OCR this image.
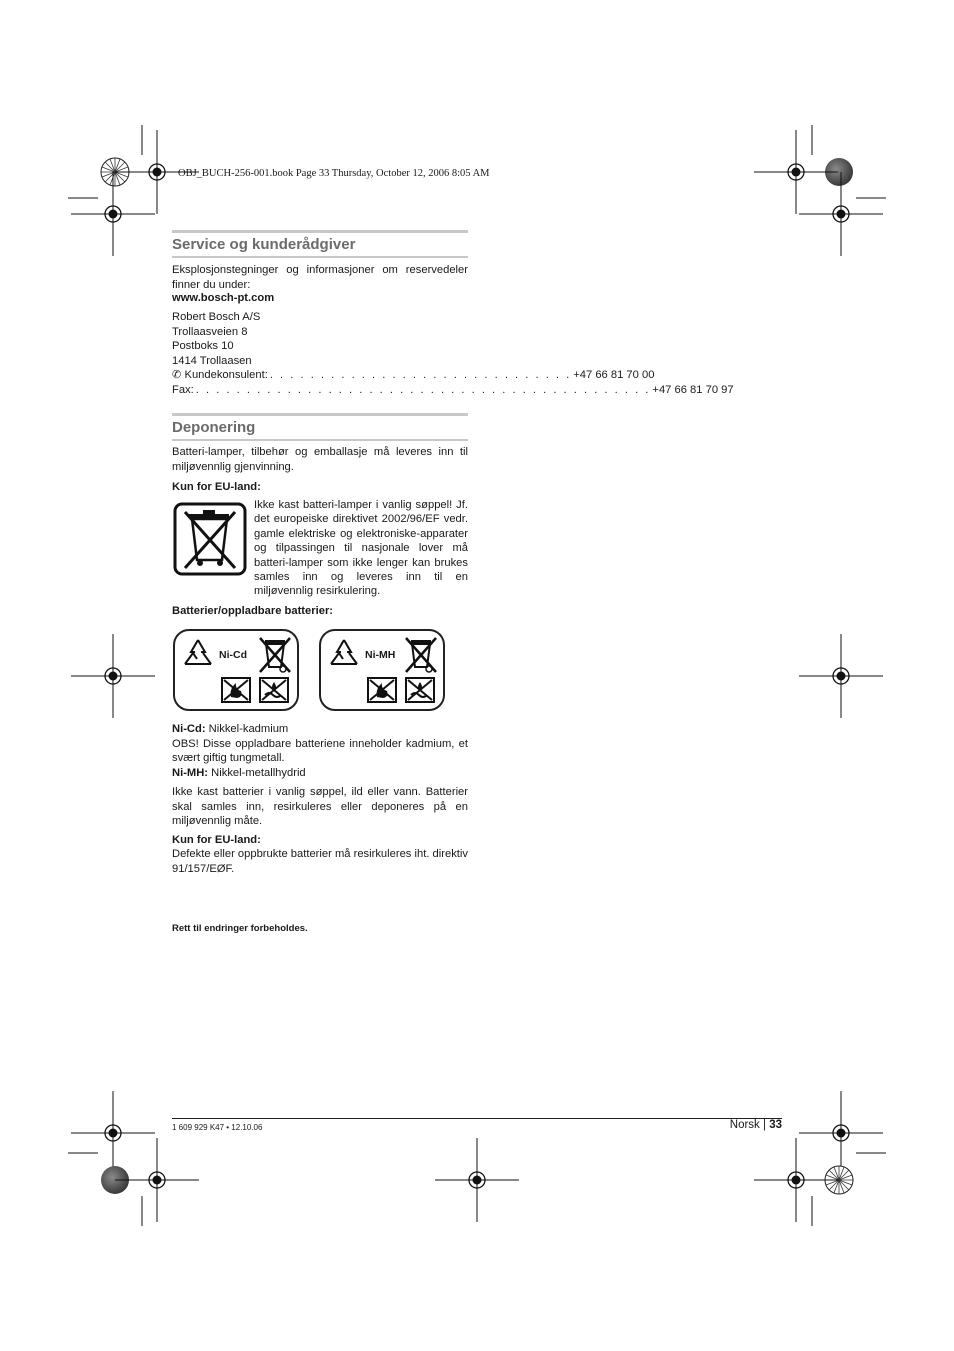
OBJ_BUCH-256-001.book Page 33 Thursday, October 12, 2006 8:05 AM
Service og kunderådgiver
Eksplosjonstegninger og informasjoner om reservedeler finner du under:
www.bosch-pt.com
Robert Bosch A/S
Trollaasveien 8
Postboks 10
1414 Trollaasen
✆ Kundekonsulent: . . . . . . . . . . . . . . . . . . . . . . . . . . . . . . +47 66 81 70 00
Fax: . . . . . . . . . . . . . . . . . . . . . . . . . . . . . . . . . . . . . . . . . . . . . +47 66 81 70 97
Deponering
Batteri-lamper, tilbehør og emballasje må leveres inn til miljøvennlig gjenvinning.
Kun for EU-land:
Ikke kast batteri-lamper i vanlig søppel! Jf. det europeiske direktivet 2002/96/EF vedr. gamle elektriske og elektroniske-apparater og tilpassingen til nasjonale lover må batteri-lamper som ikke lenger kan brukes samles inn og leveres inn til en miljøvennlig resirkulering.
Batterier/oppladbare batterier:
Ni-Cd	Ni-MH
Ni-Cd: Nikkel-kadmium
OBS! Disse oppladbare batteriene inneholder kadmium, et svært giftig tungmetall.
Ni-MH: Nikkel-metallhydrid
Ikke kast batterier i vanlig søppel, ild eller vann. Batterier skal samles inn, resirkuleres eller deponeres på en miljøvennlig måte.
Kun for EU-land:
Defekte eller oppbrukte batterier må resirkuleres iht. direktiv 91/157/EØF.
Rett til endringer forbeholdes.
1 609 929 K47 • 12.10.06	Norsk | 33
